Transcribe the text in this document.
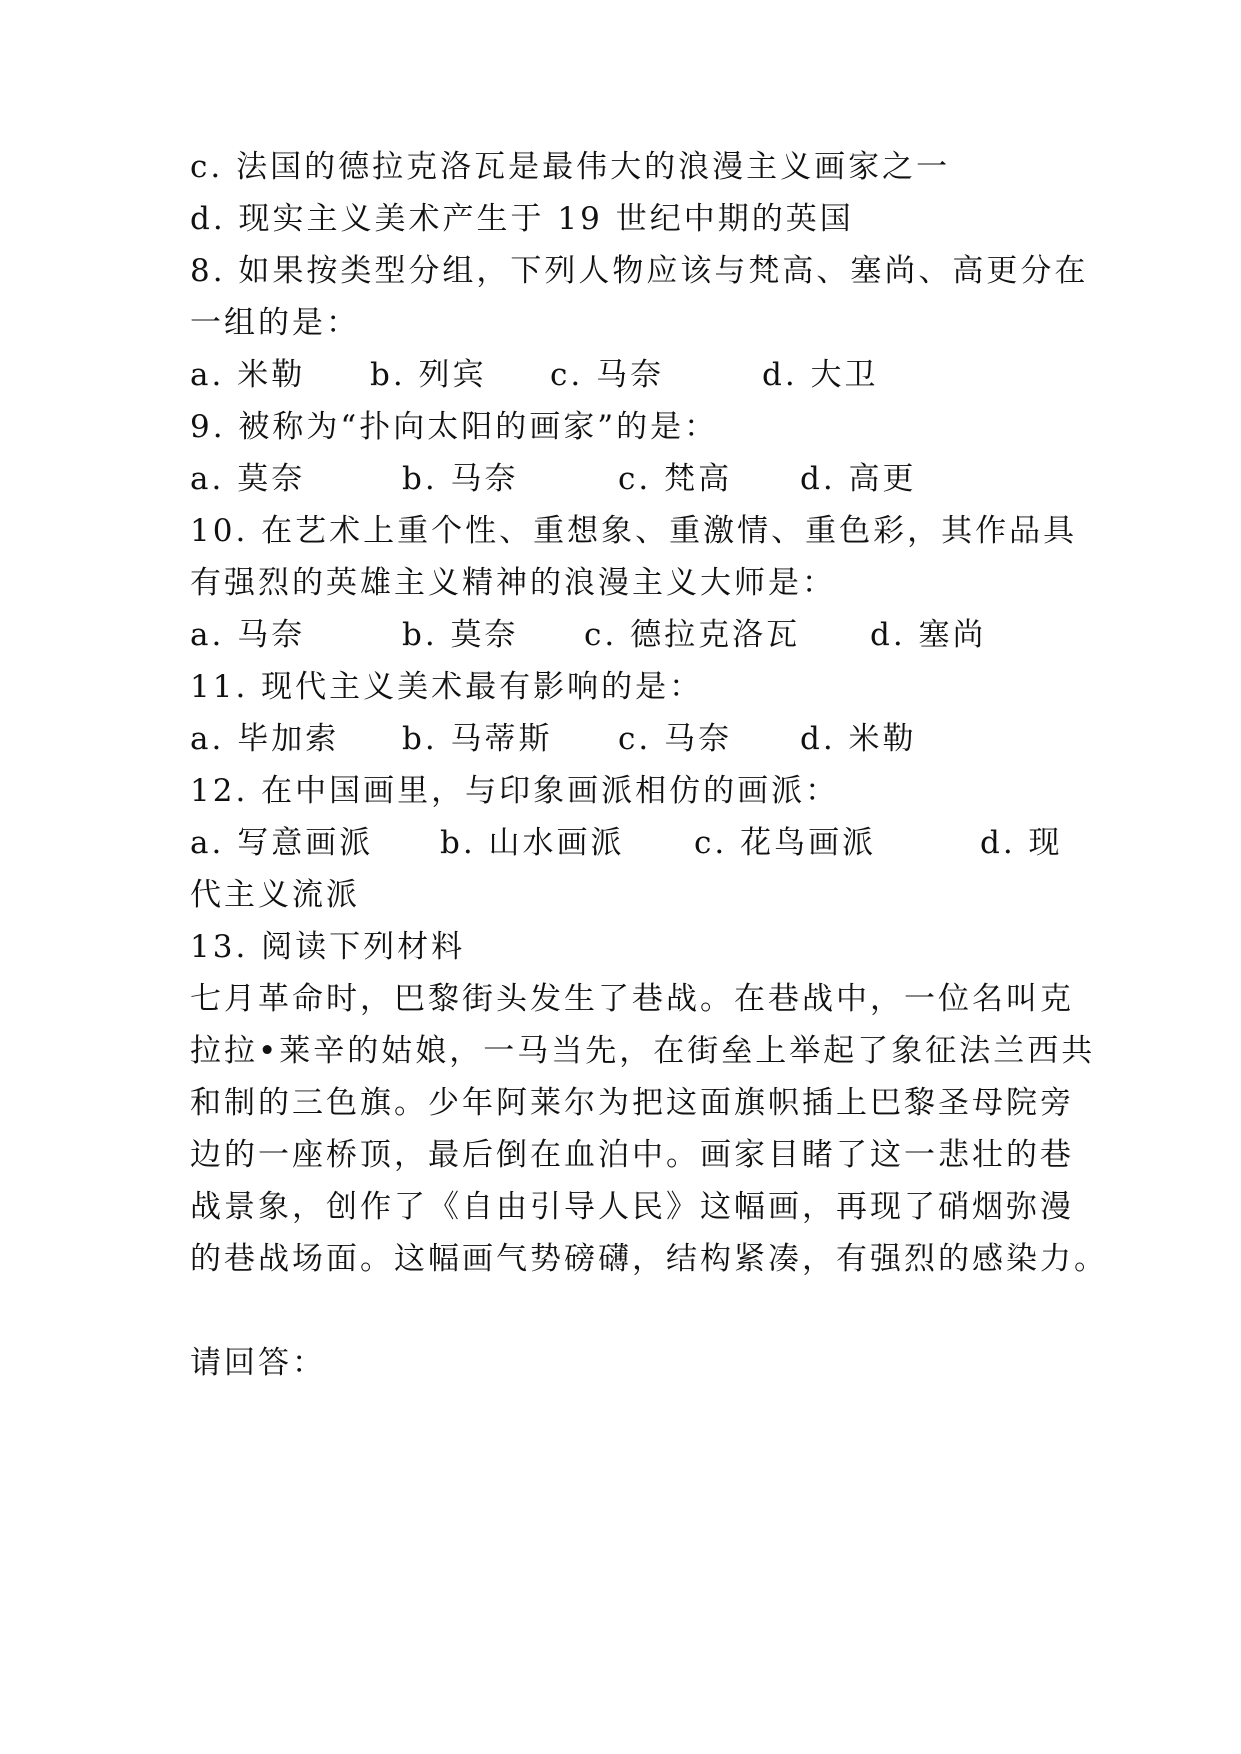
c. 法国的德拉克洛瓦是最伟大的浪漫主义画家之一
d. 现实主义美术产生于 19 世纪中期的英国
8. 如果按类型分组，下列人物应该与梵高、塞尚、高更分在
一组的是：
a. 米勒 b. 列宾 c. 马奈	d. 大卫
9. 被称为“扑向太阳的画家”的是：
a. 莫奈	b. 马奈	c. 梵高 d. 高更
10. 在艺术上重个性、重想象、重激情、重色彩，其作品具
有强烈的英雄主义精神的浪漫主义大师是：
a. 马奈	b. 莫奈 c. 德拉克洛瓦 d. 塞尚
11. 现代主义美术最有影响的是：
a. 毕加索 b. 马蒂斯 c. 马奈 d. 米勒
12. 在中国画里，与印象画派相仿的画派：
a. 写意画派 b. 山水画派 c. 花鸟画派	d. 现
代主义流派
13. 阅读下列材料
七月革命时，巴黎街头发生了巷战。在巷战中，一位名叫克
拉拉•莱辛的姑娘，一马当先，在街垒上举起了象征法兰西共
和制的三色旗。少年阿莱尔为把这面旗帜插上巴黎圣母院旁
边的一座桥顶，最后倒在血泊中。画家目睹了这一悲壮的巷
战景象，创作了《自由引导人民》这幅画，再现了硝烟弥漫
的巷战场面。这幅画气势磅礴，结构紧凑，有强烈的感染力。
请回答：
